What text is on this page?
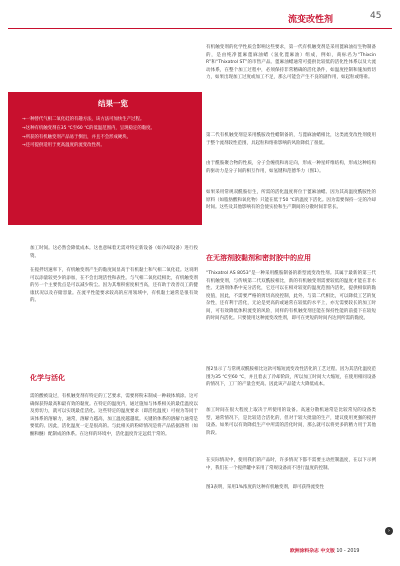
流变改性剂	45
结果一览
→一种替代气相二氧化硅的有趣方法，该方法可加快生产过程。
→这种有机触变剂在35 ℃至60 ℃的低温范围内，呈现稳定的黏度。
→所获的有机触变剂产品易于倒出，并且不会形成硬块。
→还可提供适用于更高温度的流变改性剂。
加工时间。这必然会降低成本。这也意味着无需对特定新设备（如冷却设备）进行投资。
在搅拌切速率下，有机触变剂产生的黏度间显高于有机黏土和气相二氧化硅。这说明可以添量较更少的添加，在不会出现活性和表性。与气相二氧化硅相比，有机触变剂的另一个主要优点是可以减少粉尘。因为其堆积密度相当高，还有助于改善员工的健康状况以及存储容量。在流平性能要求较高的应用领域中，有机黏土通常是很有效的。
化学与活化
需的酸被设过，有机触变剂有特定的工艺要求，需要将粉末制成一种载体填涂。这可确保获得最高和最有效的黏度。在特定的温度内，通过施加与体系相关的最佳温度以及剪切力，就可以实现最佳活化。这些特定的温度要求（即活化温度）可视为等同于该体系的溶解力，通常，溶解力越高，加工温度越越低。关键的体系的溶解力通常是要低的。因此，活化温度一定是很高的。与此相关的粉碎情况是将产品依据溶剂（如酮和醚）配制成的体系。在这样的环境中，活化温度肯定远低于常的。
有机触变剂的化学性质会影响这些要求，第一代有机触变剂是采用蓖麻油衍生物制备的，是由纯净蓖麻蓖麻油蜡（氢化蓖麻油）组成，例如，商标名为“Thixcin R”和“Thixatrol ST”的市售产品。蓖麻油蜡通常可提供比较低的活化性体系以及大流动体系，在整个加工过程中，必须保持非常精确的活化条件，如温度控制和施加剪切力，如果出现加工过度或加工不足，那么可能会产生不良的副作用，如起粒或熔垂。
第二代有机触变剂是采用酰胺改性蜡制备的，与蓖麻油蜡相比，这类流变改性剂使用于整个流剂较性范围，具起粒和熔垂影响的风险降低了很低。
由于酰胺聚合物的性质，分子会缠绕和再定向，形成一种星纤维结构，形成这种结构的驱动力是分子间的相互作用，如氢键和范德华力（图1）。
如果采用常规双酰胺衍生，所需的活化温度将位于蓖麻油蜡。因为其高温度酰胺性的原料（如脂肪酸和氧化物）只能在低于50 ℃的温度下活化。因为需要保持一定的冷却时间。这些及其他影响有的会使实验和生产期间的分散时间非常长。
在无溶剂胶黏剂和密封胶中的应用
“Thixatrol AS 8053”是一种采用酰胺制备的新型流变改性剂。其属于最新的第三代有机触变剂，与传统第二代双酰胺相比，新的有机触变剂需要较低的温度才能在非水性、无溶剂体系中充分活化，它还可以在相对较宽的温度范围内活化，提供相似的黏度值，因此，不需要严格的剪切高度控制，此外，与第二代相比，可以降低工艺的复杂性，还有利于活化，无论是更高的或通常在较低的水平上，亦无需要较长的加工时间，可有效降低体积流变的风险，同样的有机触变剂还能在保持性能的前提下在较短的时间内活化。只要使用这种流变改性剂，即可在更短的时间内达到所需的黏度。
图2显示了与常规双酰胺相比这款可缩短流变改性活化的工艺过程。因为其活化温度范围为35 ℃至60 ℃，并且着去了冷却阶段，所以加工时间大大缩短，在使用相同设备的情况下，工厂的产量会更高。因此该产品能大大降低成本。
加工时间在很大程度上取决于所使用的设备。高速分散机通常是比较常见的设备类型，通常情况下，是比较适合活化的，但对于较大批量的生产，建议使用更强的搅拌设备。如果可以有效降低生产中所需的活化时间，那么就可以将更多的精力用于其他阶段。
在实际情况中，使用我们的产品时，许多情况下都不需要主动控制温度，在以下示例中，我们在一个搅拌罐中采用了常规设备而不进行温度的控制。
图3表明，采用1%浓度的这种有机触变剂，即可获得流变性
›
欧洲涂料杂志 中文版 10・2019
